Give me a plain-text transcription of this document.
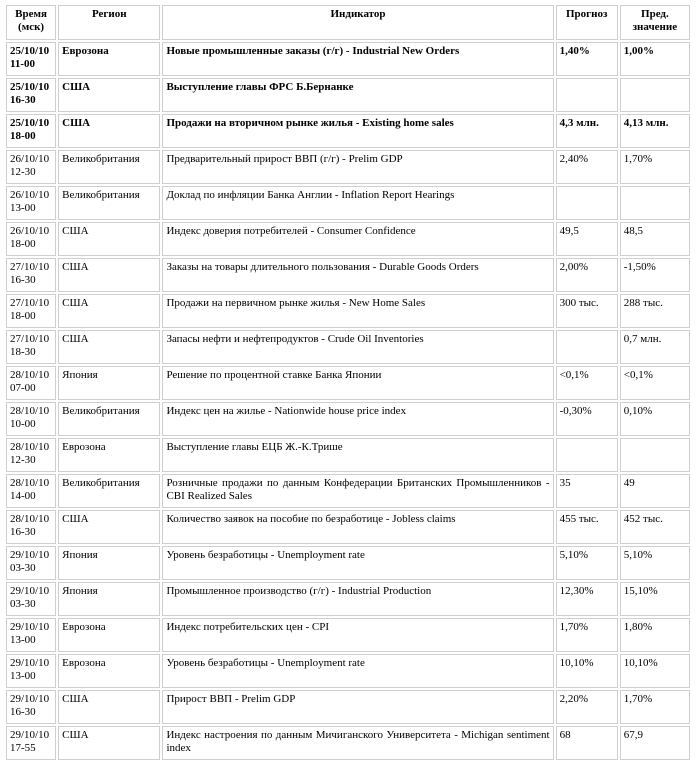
Время (мск)	Регион	Индикатор	Прогноз	Пред. значение
25/10/10
11-00	Еврозона	Новые промышленные заказы (г/г) - Industrial New Orders	1,40%	1,00%
25/10/10
16-30	США	Выступление главы ФРС Б.Бернанке		
25/10/10
18-00	США	Продажи на вторичном рынке жилья - Existing home sales	4,3 млн.	4,13 млн.
26/10/10
12-30	Великобритания	Предварительный прирост ВВП (г/г) - Prelim GDP	2,40%	1,70%
26/10/10
13-00	Великобритания	Доклад по инфляции Банка Англии - Inflation Report Hearings		
26/10/10
18-00	США	Индекс доверия потребителей - Consumer Confidence	49,5	48,5
27/10/10
16-30	США	Заказы на товары длительного пользования - Durable Goods Orders	2,00%	-1,50%
27/10/10
18-00	США	Продажи на первичном рынке жилья - New Home Sales	300 тыс.	288 тыс.
27/10/10
18-30	США	Запасы нефти и нефтепродуктов - Crude Oil Inventories		0,7 млн.
28/10/10
07-00	Япония	Решение по процентной ставке Банка Японии	<0,1%	<0,1%
28/10/10
10-00	Великобритания	Индекс цен на жилье - Nationwide house price index	-0,30%	0,10%
28/10/10
12-30	Еврозона	Выступление главы ЕЦБ Ж.-К.Трише		
28/10/10
14-00	Великобритания	Розничные продажи по данным Конфедерации Британских Промышленников - CBI Realized Sales	35	49
28/10/10
16-30	США	Количество заявок на пособие по безработице - Jobless claims	455 тыс.	452 тыс.
29/10/10
03-30	Япония	Уровень безработицы - Unemployment rate	5,10%	5,10%
29/10/10
03-30	Япония	Промышленное производство (г/г) - Industrial Production	12,30%	15,10%
29/10/10
13-00	Еврозона	Индекс потребительских цен - CPI	1,70%	1,80%
29/10/10
13-00	Еврозона	Уровень безработицы - Unemployment rate	10,10%	10,10%
29/10/10
16-30	США	Прирост ВВП - Prelim GDP	2,20%	1,70%
29/10/10
17-55	США	Индекс настроения по данным Мичиганского Университета - Michigan sentiment index	68	67,9
